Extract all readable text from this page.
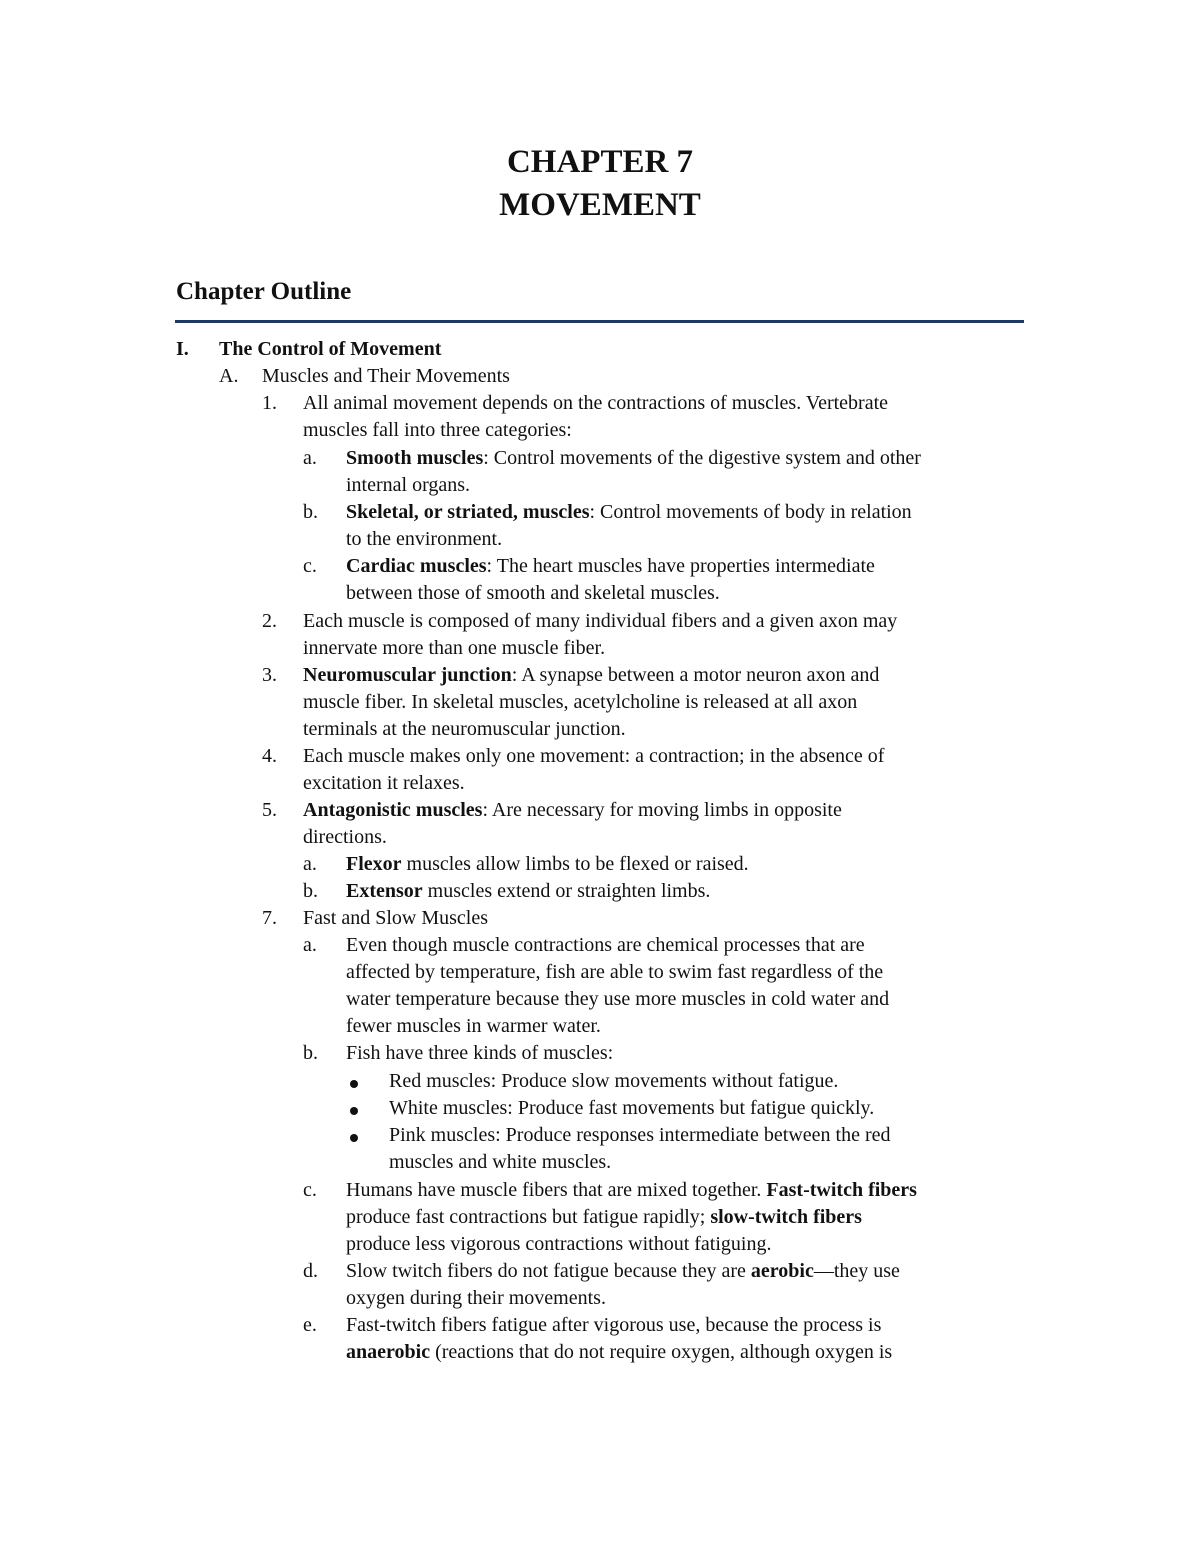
CHAPTER 7
MOVEMENT
Chapter Outline
I. The Control of Movement
A. Muscles and Their Movements
1. All animal movement depends on the contractions of muscles. Vertebrate
muscles fall into three categories:
a. Smooth muscles: Control movements of the digestive system and other
internal organs.
b. Skeletal, or striated, muscles: Control movements of body in relation
to the environment.
c. Cardiac muscles: The heart muscles have properties intermediate
between those of smooth and skeletal muscles.
2. Each muscle is composed of many individual fibers and a given axon may
innervate more than one muscle fiber.
3. Neuromuscular junction: A synapse between a motor neuron axon and
muscle fiber. In skeletal muscles, acetylcholine is released at all axon
terminals at the neuromuscular junction.
4. Each muscle makes only one movement: a contraction; in the absence of
excitation it relaxes.
5. Antagonistic muscles: Are necessary for moving limbs in opposite
directions.
a. Flexor muscles allow limbs to be flexed or raised.
b. Extensor muscles extend or straighten limbs.
7. Fast and Slow Muscles
a. Even though muscle contractions are chemical processes that are
affected by temperature, fish are able to swim fast regardless of the
water temperature because they use more muscles in cold water and
fewer muscles in warmer water.
b. Fish have three kinds of muscles:
Red muscles: Produce slow movements without fatigue.
White muscles: Produce fast movements but fatigue quickly.
Pink muscles: Produce responses intermediate between the red
muscles and white muscles.
c. Humans have muscle fibers that are mixed together. Fast-twitch fibers
produce fast contractions but fatigue rapidly; slow-twitch fibers
produce less vigorous contractions without fatiguing.
d. Slow twitch fibers do not fatigue because they are aerobic—they use
oxygen during their movements.
e. Fast-twitch fibers fatigue after vigorous use, because the process is
anaerobic (reactions that do not require oxygen, although oxygen is
